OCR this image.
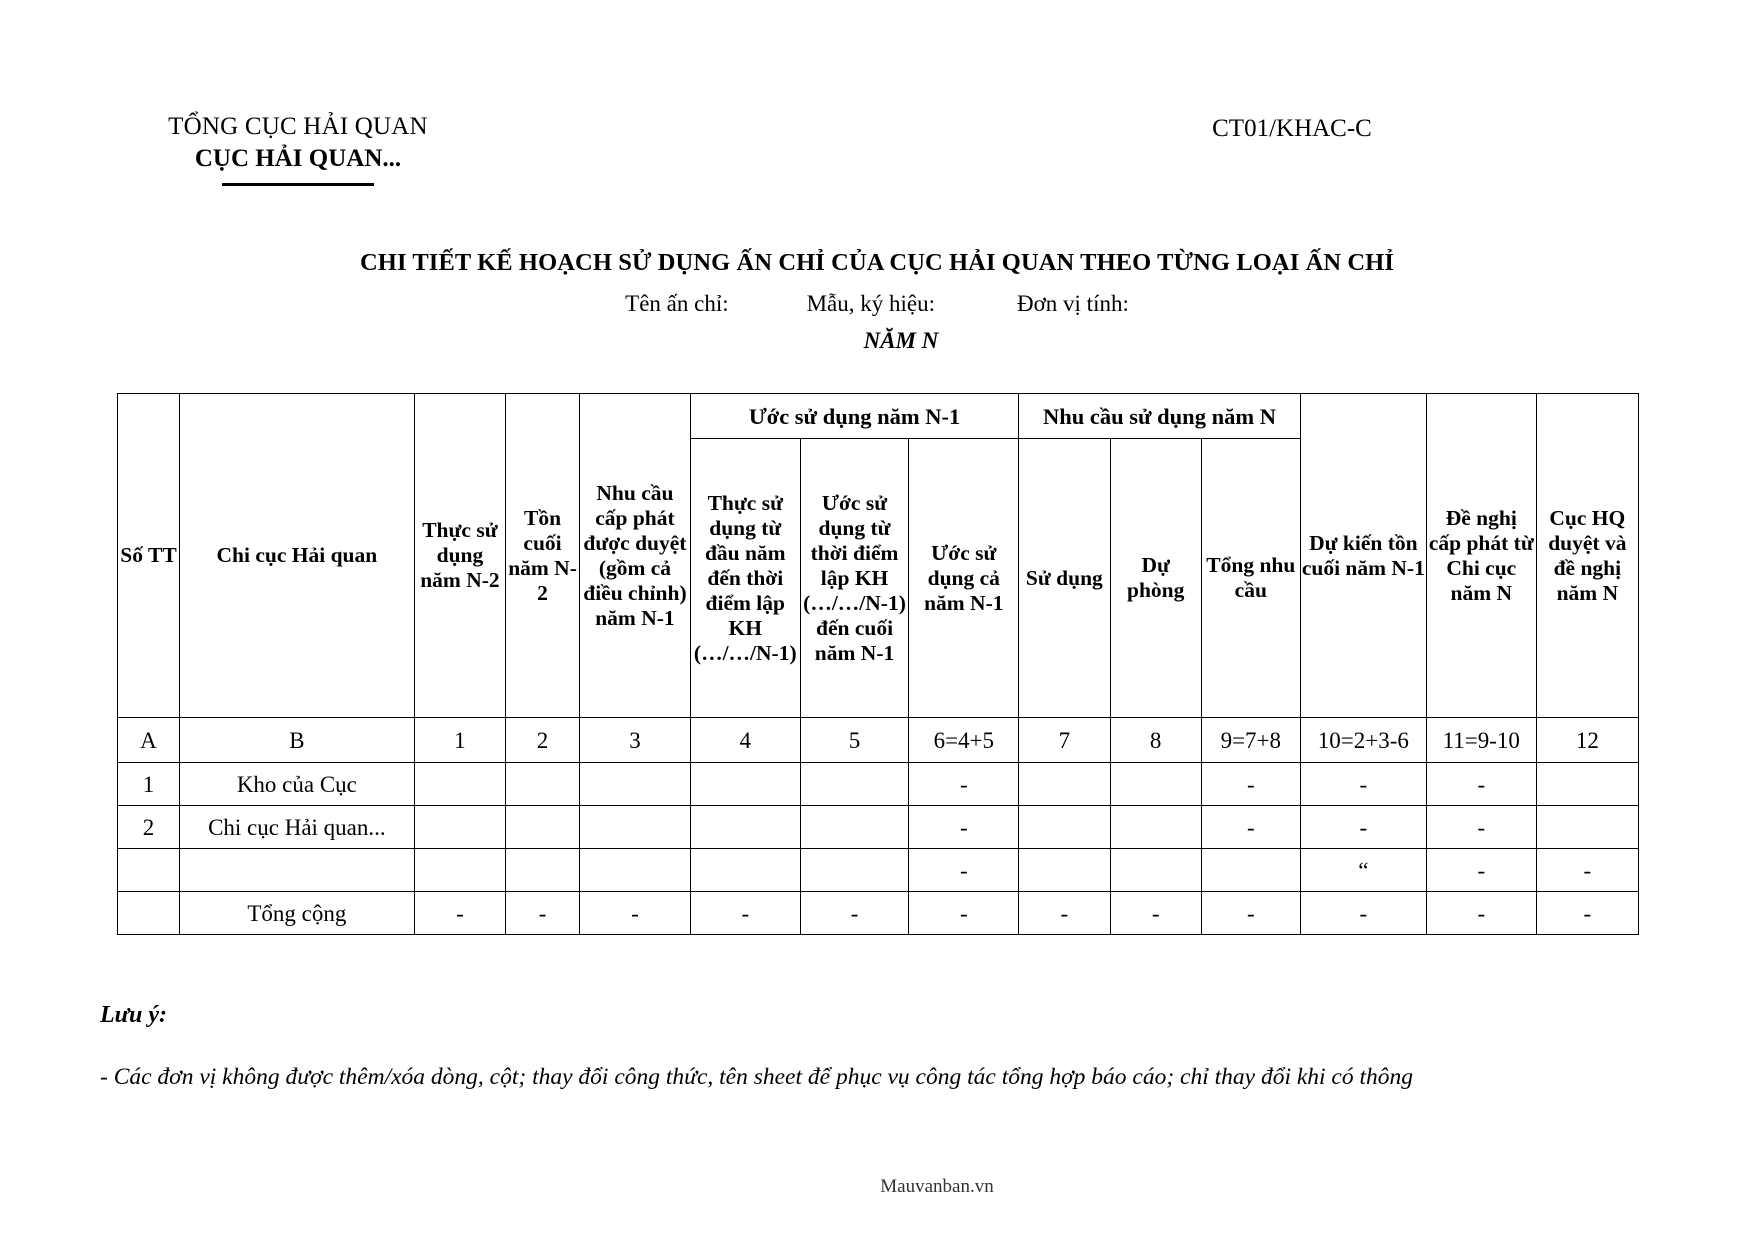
TỔNG CỤC HẢI QUAN
CỤC HẢI QUAN...
CT01/KHAC-C
CHI TIẾT KẾ HOẠCH SỬ DỤNG ẤN CHỈ CỦA CỤC HẢI QUAN THEO TỪNG LOẠI ẤN CHỈ
Tên ấn chỉ:	Mẫu, ký hiệu:	Đơn vị tính:
NĂM N
Số TT	Chi cục Hải quan	Thực sử dụng năm N-2	Tồn cuối năm N-2	Nhu cầu cấp phát được duyệt (gồm cả điều chỉnh) năm N-1	Ước sử dụng năm N-1			Nhu cầu sử dụng năm N			Dự kiến tồn cuối năm N-1	Đề nghị cấp phát từ Chi cục năm N	Cục HQ duyệt và đề nghị năm N
					Thực sử dụng từ đầu năm đến thời điểm lập KH (…/…/N-1)	Ước sử dụng từ thời điểm lập KH (…/…/N-1) đến cuối năm N-1	Ước sử dụng cả năm N-1	Sử dụng	Dự phòng	Tổng nhu cầu			
A	B	1	2	3	4	5	6=4+5	7	8	9=7+8	10=2+3-6	11=9-10	12
1	Kho của Cục						-			-	-	-	
2	Chi cục Hải quan...						-			-	-	-	
							-				“	-	-
	Tổng cộng	-	-	-	-	-	-	-	-	-	-	-	-
Lưu ý:
- Các đơn vị không được thêm/xóa dòng, cột; thay đổi công thức, tên sheet để phục vụ công tác tổng hợp báo cáo; chỉ thay đổi khi có thông
Mauvanban.vn
